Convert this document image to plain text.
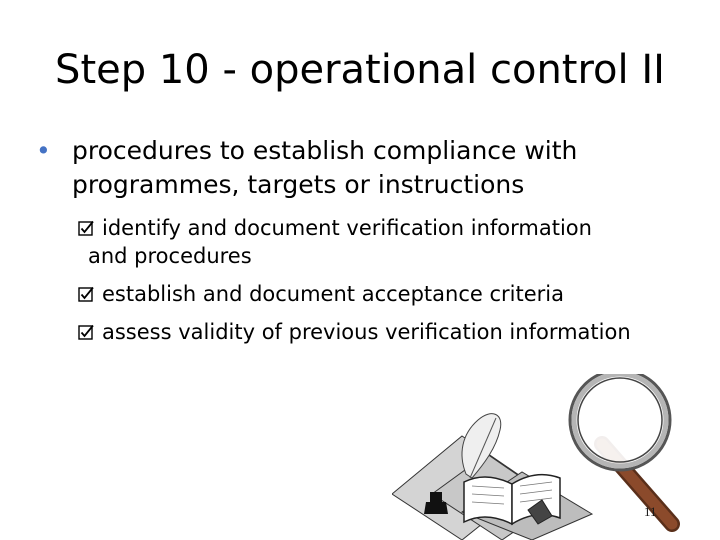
Step 10 - operational control II
• procedures to establish compliance with programmes, targets or instructions
identify and document verification information
and procedures
establish and document acceptance criteria
assess validity of previous verification information
11
